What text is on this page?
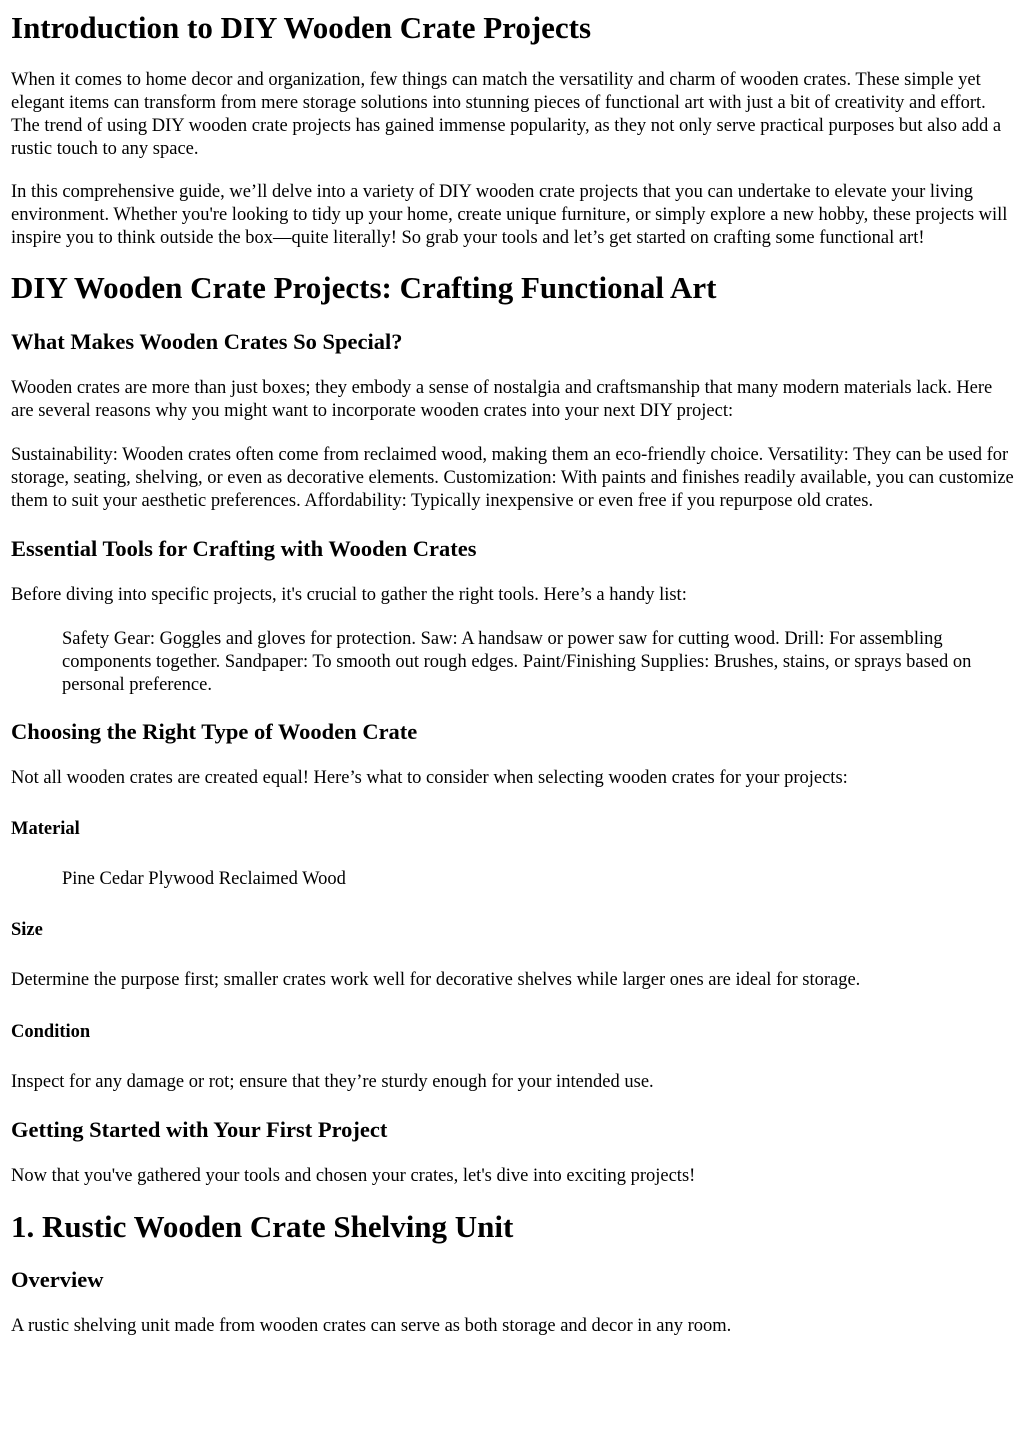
Introduction to DIY Wooden Crate Projects

When it comes to home decor and organization, few things can match the versatility and charm of wooden crates. These simple yet elegant items can transform from mere storage solutions into stunning pieces of functional art with just a bit of creativity and effort. The trend of using DIY wooden crate projects has gained immense popularity, as they not only serve practical purposes but also add a rustic touch to any space.

In this comprehensive guide, we’ll delve into a variety of DIY wooden crate projects that you can undertake to elevate your living environment. Whether you're looking to tidy up your home, create unique furniture, or simply explore a new hobby, these projects will inspire you to think outside the box—quite literally! So grab your tools and let’s get started on crafting some functional art!

DIY Wooden Crate Projects: Crafting Functional Art
What Makes Wooden Crates So Special?

Wooden crates are more than just boxes; they embody a sense of nostalgia and craftsmanship that many modern materials lack. Here are several reasons why you might want to incorporate wooden crates into your next DIY project:

Sustainability: Wooden crates often come from reclaimed wood, making them an eco-friendly choice. Versatility: They can be used for storage, seating, shelving, or even as decorative elements. Customization: With paints and finishes readily available, you can customize them to suit your aesthetic preferences. Affordability: Typically inexpensive or even free if you repurpose old crates.

Essential Tools for Crafting with Wooden Crates

Before diving into specific projects, it's crucial to gather the right tools. Here’s a handy list:

Safety Gear: Goggles and gloves for protection. Saw: A handsaw or power saw for cutting wood. Drill: For assembling components together. Sandpaper: To smooth out rough edges. Paint/Finishing Supplies: Brushes, stains, or sprays based on personal preference.

Choosing the Right Type of Wooden Crate

Not all wooden crates are created equal! Here’s what to consider when selecting wooden crates for your projects:

Material

Pine Cedar Plywood Reclaimed Wood

Size

Determine the purpose first; smaller crates work well for decorative shelves while larger ones are ideal for storage.

Condition

Inspect for any damage or rot; ensure that they’re sturdy enough for your intended use.

Getting Started with Your First Project

Now that you've gathered your tools and chosen your crates, let's dive into exciting projects!

1. Rustic Wooden Crate Shelving Unit
Overview

A rustic shelving unit made from wooden crates can serve as both storage and decor in any room.
